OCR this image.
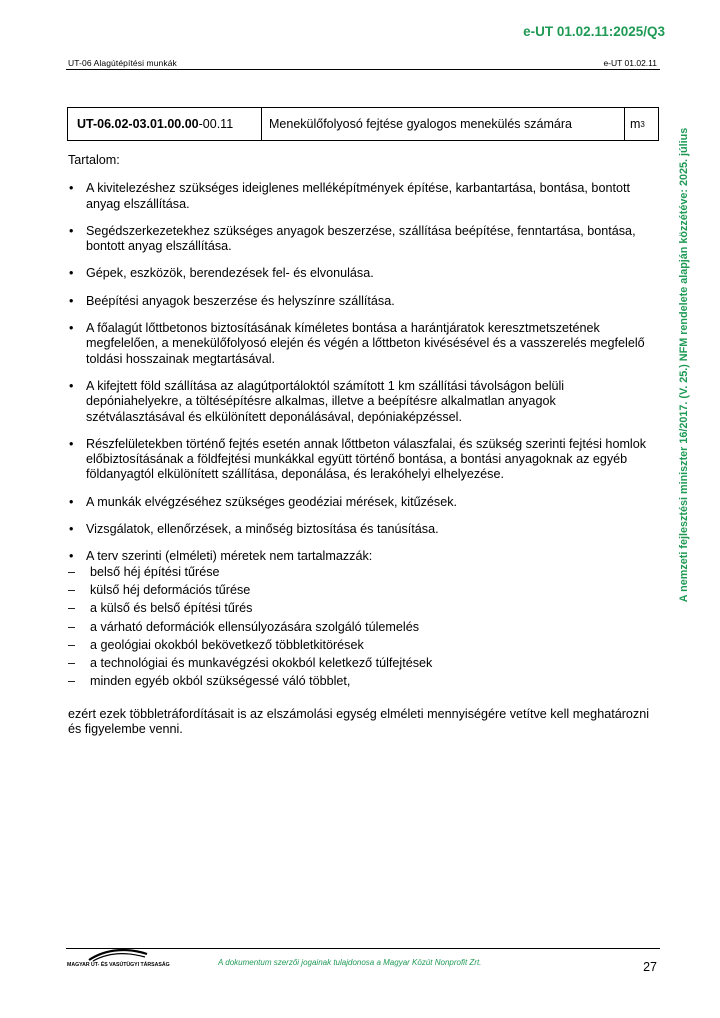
e-UT 01.02.11:2025/Q3
UT-06 Alagútépítési munkák	e-UT 01.02.11
A nemzeti fejlesztési miniszter 16/2017. (V. 25.) NFM rendelete alapján közzétéve: 2025. július
UT-06.02-03.01.00.00 -00.11	Menekülőfolyosó fejtése gyalogos menekülés számára	m 3
Tartalom:
• A kivitelezéshez szükséges ideiglenes melléképítmények építése, karbantartása, bontása, bontott anyag elszállítása.
• Segédszerkezetekhez szükséges anyagok beszerzése, szállítása beépítése, fenntartása, bontása, bontott anyag elszállítása.
• Gépek, eszközök, berendezések fel- és elvonulása.
• Beépítési anyagok beszerzése és helyszínre szállítása.
• A főalagút lőttbetonos biztosításának kíméletes bontása a harántjáratok keresztmetszetének megfelelően, a menekülőfolyosó elején és végén a lőttbeton kivésésével és a vasszerelés megfelelő toldási hosszainak megtartásával.
• A kifejtett föld szállítása az alagútportáloktól számított 1 km szállítási távolságon belüli depóniahelyekre, a töltésépítésre alkalmas, illetve a beépítésre alkalmatlan anyagok szétválasztásával és elkülönített deponálásával, depóniaképzéssel.
• Részfelületekben történő fejtés esetén annak lőttbeton válaszfalai, és szükség szerinti fejtési homlok előbiztosításának a földfejtési munkákkal együtt történő bontása, a bontási anyagoknak az egyéb földanyagtól elkülönített szállítása, deponálása, és lerakóhelyi elhelyezése.
• A munkák elvégzéséhez szükséges geodéziai mérések, kitűzések.
• Vizsgálatok, ellenőrzések, a minőség biztosítása és tanúsítása.
• A terv szerinti (elméleti) méretek nem tartalmazzák:
– belső héj építési tűrése
– külső héj deformációs tűrése
– a külső és belső építési tűrés
– a várható deformációk ellensúlyozására szolgáló túlemelés
– a geológiai okokból bekövetkező többletkitörések
– a technológiai és munkavégzési okokból keletkező túlfejtések
– minden egyéb okból szükségessé váló többlet,
ezért ezek többletráfordításait is az elszámolási egység elméleti mennyiségére vetítve kell meghatározni és figyelembe venni.
MAGYAR ÚT- ÉS VASÚTÜGYI TÁRSASÁG	A dokumentum szerzői jogainak tulajdonosa a Magyar Közút Nonprofit Zrt.	27
